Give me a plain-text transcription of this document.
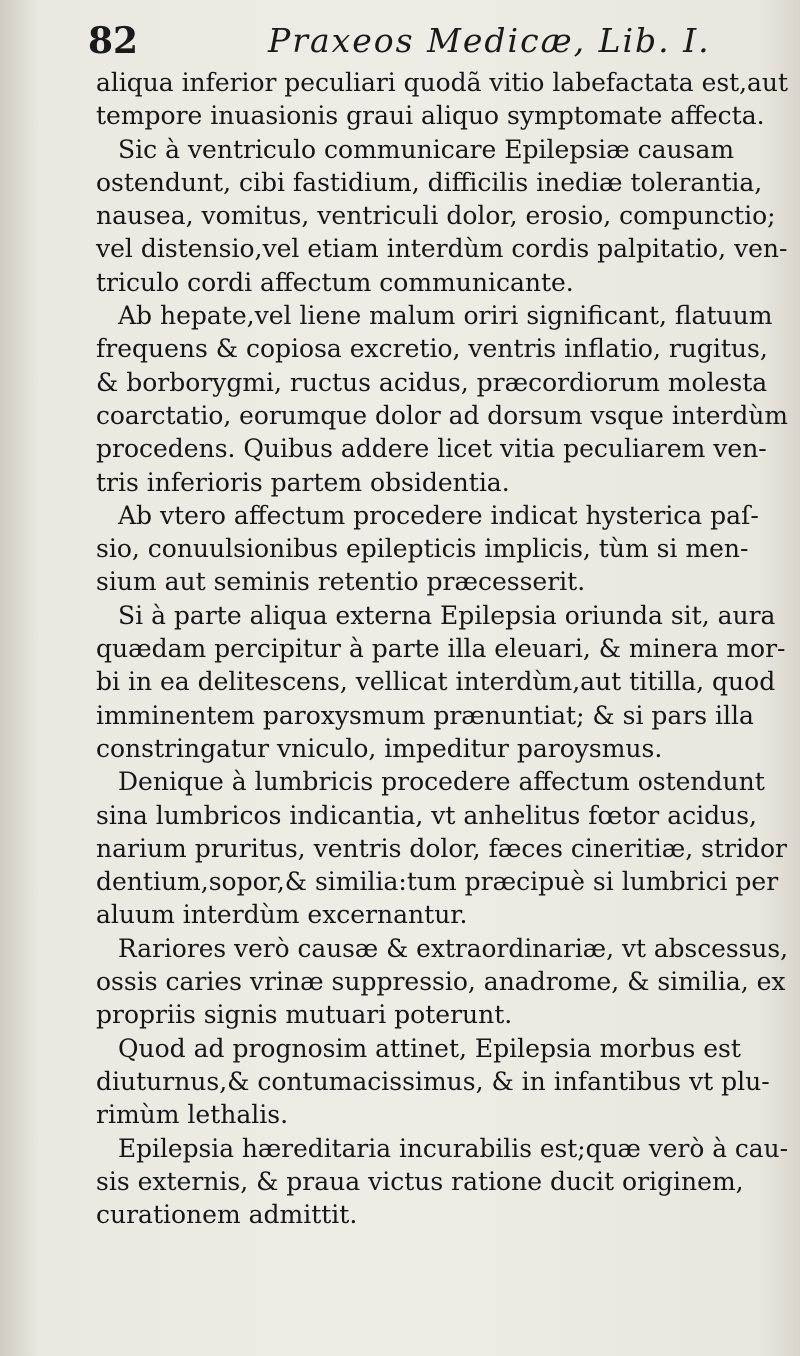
82	Praxeos Medicæ, Lib. I.
aliqua inferior peculiari quodã vitio labefactata est,aut
tempore inuasionis graui aliquo symptomate affecta.
Sic à ventriculo communicare Epilepsiæ causam
ostendunt, cibi fastidium, difficilis inediæ tolerantia,
nausea, vomitus, ventriculi dolor, erosio, compunctio;
vel distensio,vel etiam interdùm cordis palpitatio, ven-
triculo cordi affectum communicante.
Ab hepate,vel liene malum oriri significant, flatuum
frequens & copiosa excretio, ventris inflatio, rugitus,
& borborygmi, ructus acidus, præcordiorum molesta
coarctatio, eorumque dolor ad dorsum vsque interdùm
procedens. Quibus addere licet vitia peculiarem ven-
tris inferioris partem obsidentia.
Ab vtero affectum procedere indicat hysterica paſ-
sio, conuulsionibus epilepticis implicis, tùm si men-
sium aut seminis retentio præcesserit.
Si à parte aliqua externa Epilepsia oriunda sit, aura
quædam percipitur à parte illa eleuari, & minera mor-
bi in ea delitescens, vellicat interdùm,aut titilla, quod
imminentem paroxysmum prænuntiat; & si pars illa
constringatur vniculo, impeditur paroysmus.
Denique à lumbricis procedere affectum ostendunt
sina lumbricos indicantia, vt anhelitus fœtor acidus,
narium pruritus, ventris dolor, fæces cineritiæ, stridor
dentium,sopor,& similia:tum præcipuè si lumbrici per
aluum interdùm excernantur.
Rariores verò causæ & extraordinariæ, vt abscessus,
ossis caries vrinæ suppressio, anadrome, & similia, ex
propriis signis mutuari poterunt.
Quod ad prognosim attinet, Epilepsia morbus est
diuturnus,& contumacissimus, & in infantibus vt plu-
rimùm lethalis.
Epilepsia hæreditaria incurabilis est;quæ verò à cau-
sis externis, & praua victus ratione ducit originem,
curationem admittit.
